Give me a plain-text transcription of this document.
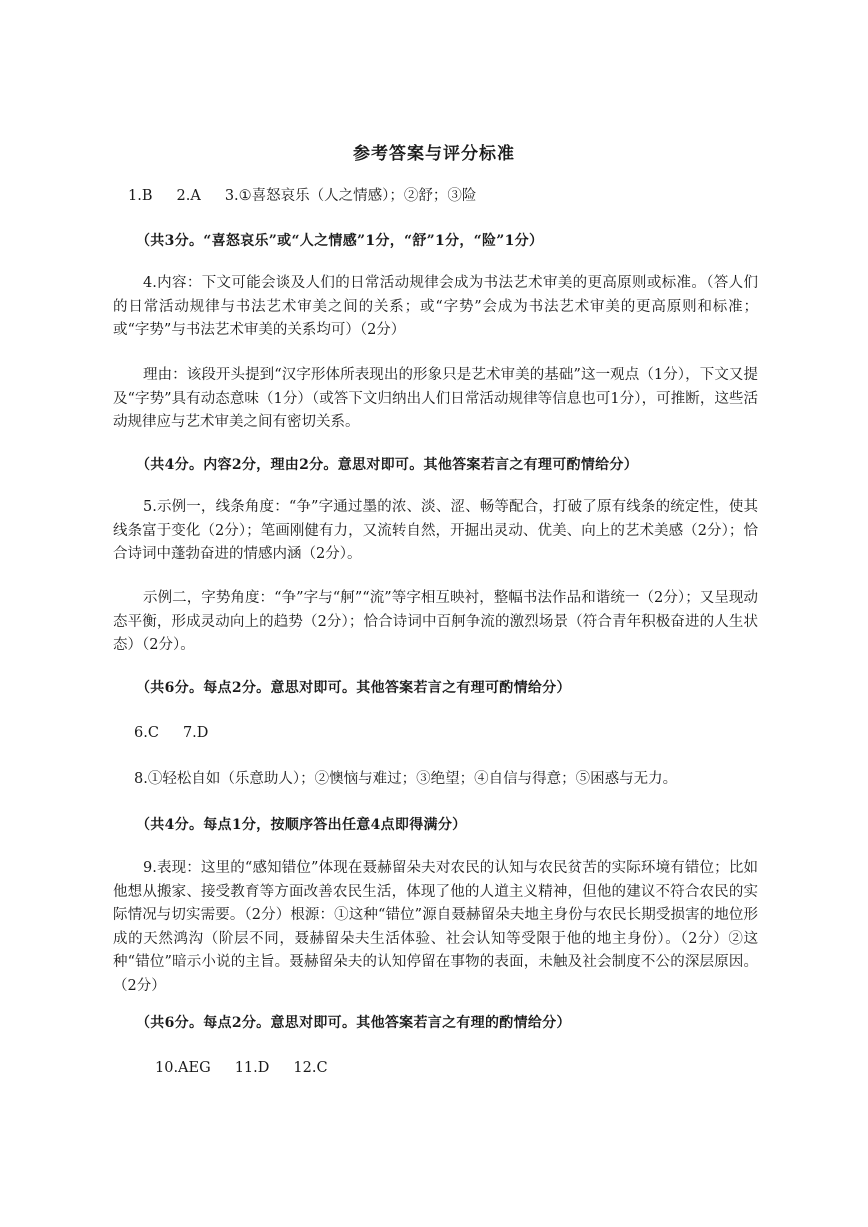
参考答案与评分标准
1.B 2.A 3.①喜怒哀乐（人之情感）；②舒；③险
（共3分。“喜怒哀乐”或“人之情感”1分，“舒”1分，“险”1分）
4.内容：下文可能会谈及人们的日常活动规律会成为书法艺术审美的更高原则或标准。（答人们的日常活动规律与书法艺术审美之间的关系；或“字势”会成为书法艺术审美的更高原则和标准；或“字势”与书法艺术审美的关系均可）（2分）
理由：该段开头提到“汉字形体所表现出的形象只是艺术审美的基础”这一观点（1分），下文又提及“字势”具有动态意味（1分）（或答下文归纳出人们日常活动规律等信息也可1分），可推断，这些活动规律应与艺术审美之间有密切关系。
（共4分。内容2分，理由2分。意思对即可。其他答案若言之有理可酌情给分）
5.示例一，线条角度：“争”字通过墨的浓、淡、涩、畅等配合，打破了原有线条的统定性，使其线条富于变化（2分）；笔画刚健有力，又流转自然，开掘出灵动、优美、向上的艺术美感（2分）；恰合诗词中蓬勃奋进的情感内涵（2分）。
示例二，字势角度：“争”字与“舸”“流”等字相互映衬，整幅书法作品和谐统一（2分）；又呈现动态平衡，形成灵动向上的趋势（2分）；恰合诗词中百舸争流的激烈场景（符合青年积极奋进的人生状态）（2分）。
（共6分。每点2分。意思对即可。其他答案若言之有理可酌情给分）
6.C 7.D
8.①轻松自如（乐意助人）；②懊恼与难过；③绝望；④自信与得意；⑤困惑与无力。
（共4分。每点1分，按顺序答出任意4点即得满分）
9.表现：这里的“感知错位”体现在聂赫留朵夫对农民的认知与农民贫苦的实际环境有错位；比如他想从搬家、接受教育等方面改善农民生活，体现了他的人道主义精神，但他的建议不符合农民的实际情况与切实需要。（2分）根源：①这种“错位”源自聂赫留朵夫地主身份与农民长期受损害的地位形成的天然鸿沟（阶层不同，聂赫留朵夫生活体验、社会认知等受限于他的地主身份）。（2分）②这种“错位”暗示小说的主旨。聂赫留朵夫的认知停留在事物的表面，未触及社会制度不公的深层原因。（2分）
（共6分。每点2分。意思对即可。其他答案若言之有理的酌情给分）
10.AEG 11.D 12.C
